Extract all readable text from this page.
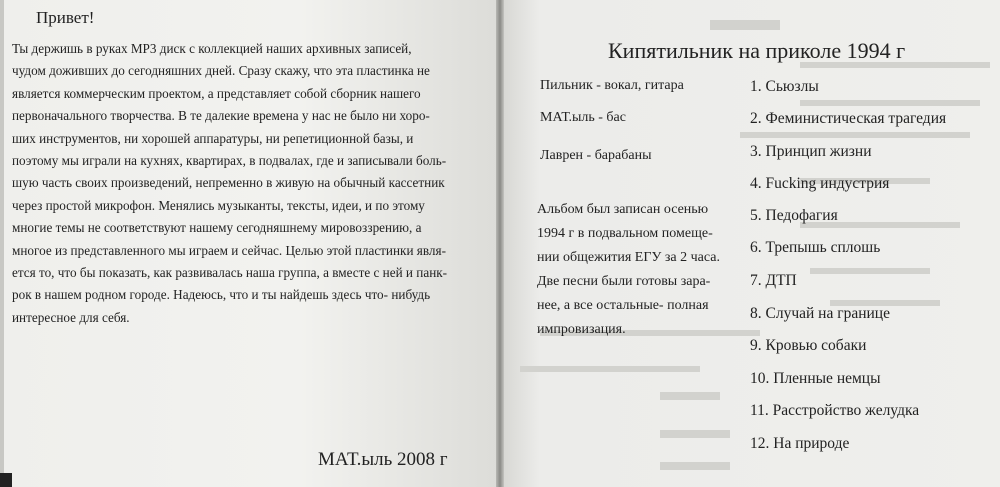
Привет!
Ты держишь в руках MP3 диск с коллекцией наших архивных записей,
чудом доживших до сегодняшних дней. Сразу скажу, что эта пластинка не
является коммерческим проектом, а представляет собой сборник нашего
первоначального творчества. В те далекие времена у нас не было ни хоро-
ших инструментов, ни хорошей аппаратуры, ни репетиционной базы, и
поэтому мы играли на кухнях, квартирах, в подвалах, где и записывали боль-
шую часть своих произведений, непременно в живую на обычный кассетник
через простой микрофон. Менялись музыканты, тексты, идеи, и по этому
многие темы не соответствуют нашему сегодняшнему мировоззрению, а
многое из представленного мы играем и сейчас. Целью этой пластинки явля-
ется то, что бы показать, как развивалась наша группа, а вместе с ней и панк-
рок в нашем родном городе. Надеюсь, что и ты найдешь здесь что- нибудь
интересное для себя.
МАТ.ыль 2008 г
Кипятильник на приколе 1994 г
Пильник - вокал, гитара
МАТ.ыль - бас
Лаврен - барабаны
Альбом был записан осенью
1994 г в подвальном помеще-
нии общежития ЕГУ за 2 часа.
Две песни были готовы зара-
нее, а все остальные- полная
импровизация.
1. Сьюзлы
2. Феминистическая трагедия
3. Принцип жизни
4. Fucking индустрия
5. Педофагия
6. Трепышь сплошь
7. ДТП
8. Случай на границе
9. Кровью собаки
10. Пленные немцы
11. Расстройство желудка
12. На природе
